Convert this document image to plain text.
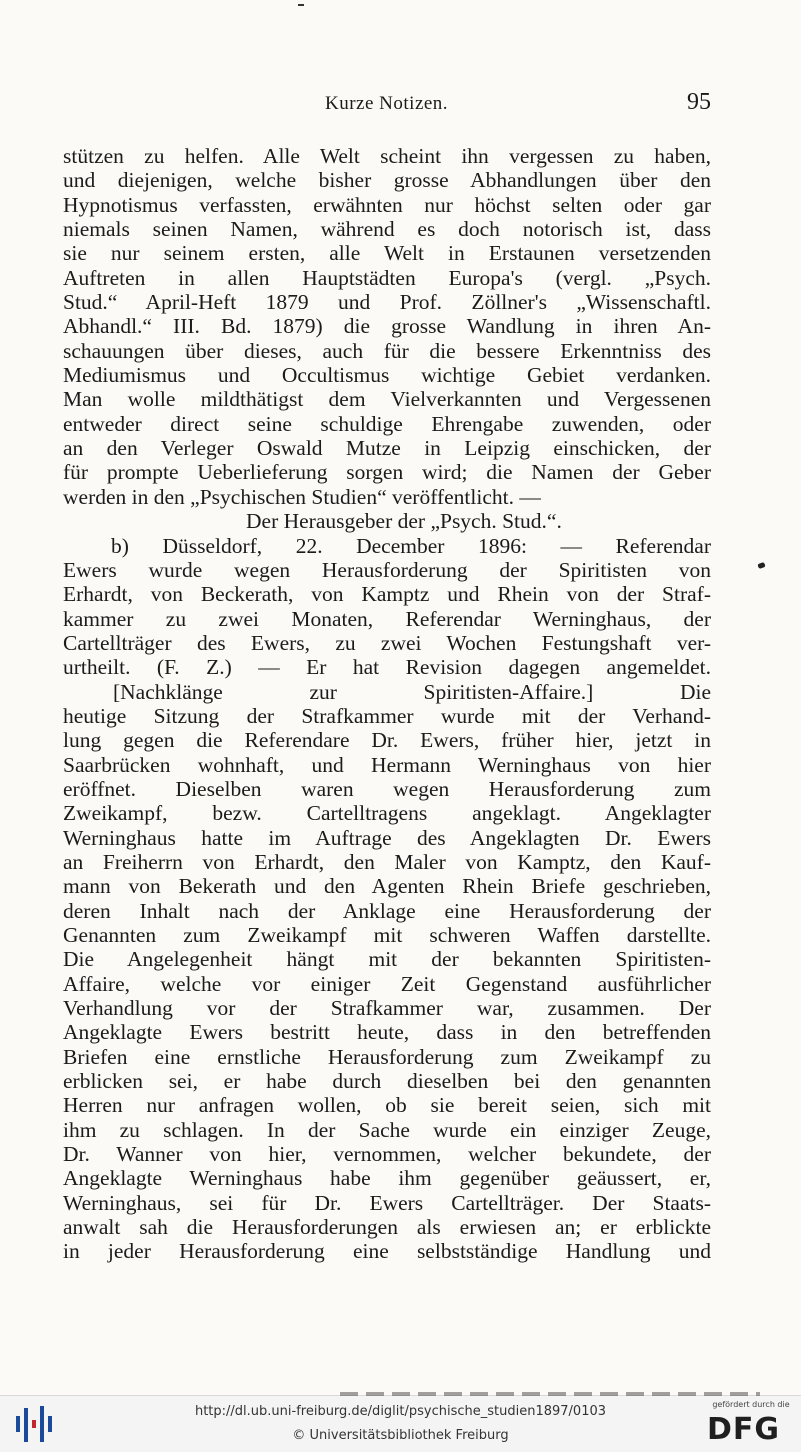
Kurze Notizen.	95
stützen zu helfen. Alle Welt scheint ihn vergessen zu haben,
und diejenigen, welche bisher grosse Abhandlungen über den
Hypnotismus verfassten, erwähnten nur höchst selten oder gar
niemals seinen Namen, während es doch notorisch ist, dass
sie nur seinem ersten, alle Welt in Erstaunen versetzenden
Auftreten in allen Hauptstädten Europa's (vergl. „Psych.
Stud.“ April-Heft 1879 und Prof. Zöllner's „Wissenschaftl.
Abhandl.“ III. Bd. 1879) die grosse Wandlung in ihren An-
schauungen über dieses, auch für die bessere Erkenntniss des
Mediumismus und Occultismus wichtige Gebiet verdanken.
Man wolle mildthätigst dem Vielverkannten und Vergessenen
entweder direct seine schuldige Ehrengabe zuwenden, oder
an den Verleger Oswald Mutze in Leipzig einschicken, der
für prompte Ueberlieferung sorgen wird; die Namen der Geber
werden in den „Psychischen Studien“ veröffentlicht. —
Der Herausgeber der „Psych. Stud.“.
b) Düsseldorf, 22. December 1896: — Referendar
Ewers wurde wegen Herausforderung der Spiritisten von
Erhardt, von Beckerath, von Kamptz und Rhein von der Straf-
kammer zu zwei Monaten, Referendar Werninghaus, der
Cartellträger des Ewers, zu zwei Wochen Festungshaft ver-
urtheilt. (F. Z.) — Er hat Revision dagegen angemeldet.
[Nachklänge zur Spiritisten-Affaire.] Die
heutige Sitzung der Strafkammer wurde mit der Verhand-
lung gegen die Referendare Dr. Ewers, früher hier, jetzt in
Saarbrücken wohnhaft, und Hermann Werninghaus von hier
eröffnet. Dieselben waren wegen Herausforderung zum
Zweikampf, bezw. Cartelltragens angeklagt. Angeklagter
Werninghaus hatte im Auftrage des Angeklagten Dr. Ewers
an Freiherrn von Erhardt, den Maler von Kamptz, den Kauf-
mann von Bekerath und den Agenten Rhein Briefe geschrieben,
deren Inhalt nach der Anklage eine Herausforderung der
Genannten zum Zweikampf mit schweren Waffen darstellte.
Die Angelegenheit hängt mit der bekannten Spiritisten-
Affaire, welche vor einiger Zeit Gegenstand ausführlicher
Verhandlung vor der Strafkammer war, zusammen. Der
Angeklagte Ewers bestritt heute, dass in den betreffenden
Briefen eine ernstliche Herausforderung zum Zweikampf zu
erblicken sei, er habe durch dieselben bei den genannten
Herren nur anfragen wollen, ob sie bereit seien, sich mit
ihm zu schlagen. In der Sache wurde ein einziger Zeuge,
Dr. Wanner von hier, vernommen, welcher bekundete, der
Angeklagte Werninghaus habe ihm gegenüber geäussert, er,
Werninghaus, sei für Dr. Ewers Cartellträger. Der Staats-
anwalt sah die Herausforderungen als erwiesen an; er erblickte
in jeder Herausforderung eine selbstständige Handlung und
http://dl.ub.uni-freiburg.de/diglit/psychische_studien1897/0103
© Universitätsbibliothek Freiburg
gefördert durch die
DFG
